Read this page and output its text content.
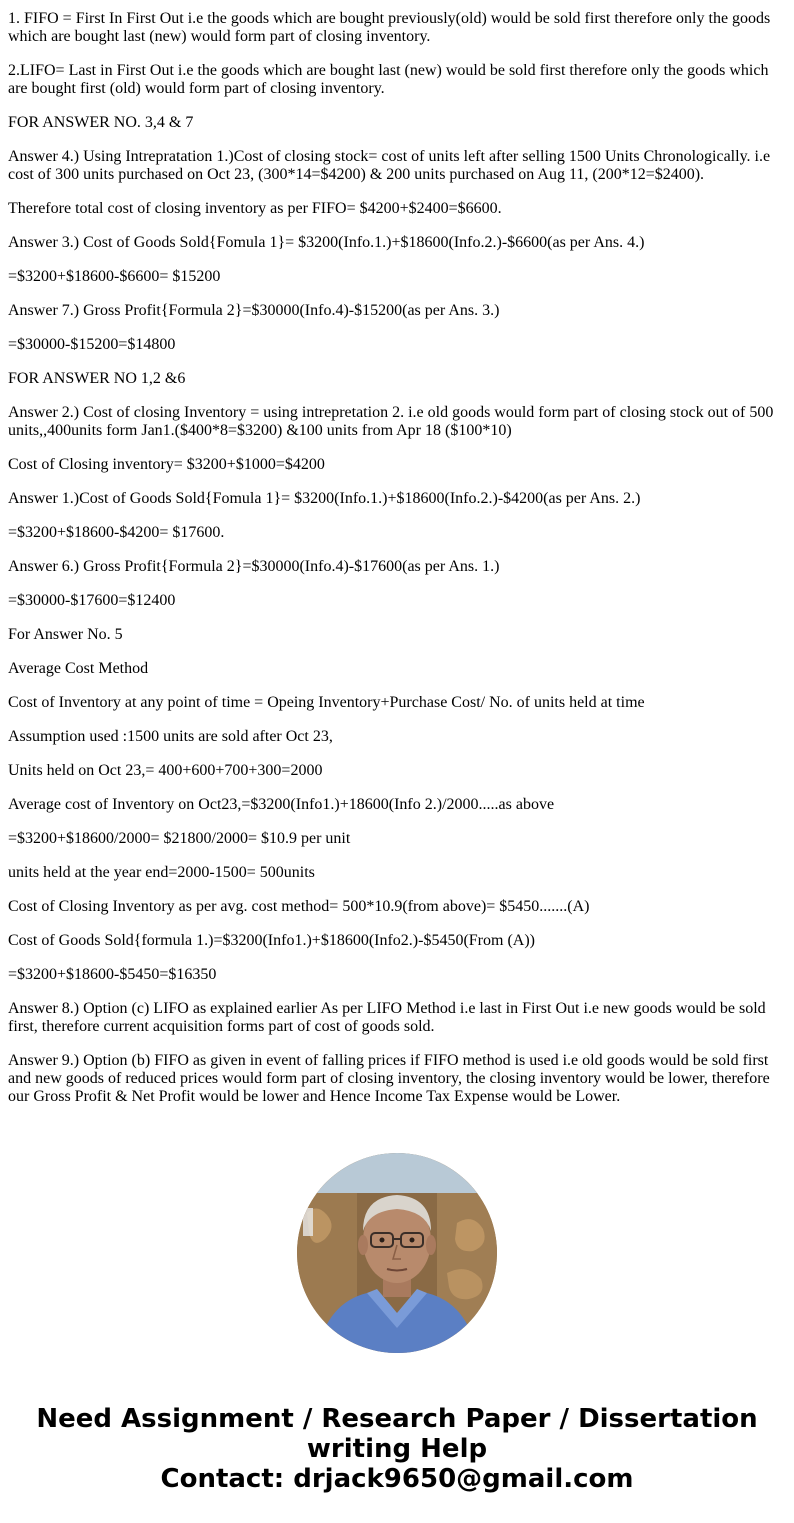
1. FIFO = First In First Out i.e the goods which are bought previously(old) would be sold first therefore only the goods which are bought last (new) would form part of closing inventory.

2.LIFO= Last in First Out i.e the goods which are bought last (new) would be sold first therefore only the goods which are bought first (old) would form part of closing inventory.

FOR ANSWER NO. 3,4 & 7

Answer 4.) Using Intrepratation 1.)Cost of closing stock= cost of units left after selling 1500 Units Chronologically. i.e cost of 300 units purchased on Oct 23, (300*14=$4200) & 200 units purchased on Aug 11, (200*12=$2400).

Therefore total cost of closing inventory as per FIFO= $4200+$2400=$6600.

Answer 3.) Cost of Goods Sold{Fomula 1}= $3200(Info.1.)+$18600(Info.2.)-$6600(as per Ans. 4.)

=$3200+$18600-$6600= $15200

Answer 7.) Gross Profit{Formula 2}=$30000(Info.4)-$15200(as per Ans. 3.)

=$30000-$15200=$14800

FOR ANSWER NO 1,2 &6

Answer 2.) Cost of closing Inventory = using intrepretation 2. i.e old goods would form part of closing stock out of 500 units,,400units form Jan1.($400*8=$3200) &100 units from Apr 18 ($100*10)

Cost of Closing inventory= $3200+$1000=$4200

Answer 1.)Cost of Goods Sold{Fomula 1}= $3200(Info.1.)+$18600(Info.2.)-$4200(as per Ans. 2.)

=$3200+$18600-$4200= $17600.

Answer 6.) Gross Profit{Formula 2}=$30000(Info.4)-$17600(as per Ans. 1.)

=$30000-$17600=$12400

For Answer No. 5

Average Cost Method

Cost of Inventory at any point of time = Opeing Inventory+Purchase Cost/ No. of units held at time

Assumption used :1500 units are sold after Oct 23,

Units held on Oct 23,= 400+600+700+300=2000

Average cost of Inventory on Oct23,=$3200(Info1.)+18600(Info 2.)/2000.....as above

=$3200+$18600/2000= $21800/2000= $10.9 per unit

units held at the year end=2000-1500= 500units

Cost of Closing Inventory as per avg. cost method= 500*10.9(from above)= $5450.......(A)

Cost of Goods Sold{formula 1.)=$3200(Info1.)+$18600(Info2.)-$5450(From (A))

=$3200+$18600-$5450=$16350

Answer 8.) Option (c) LIFO as explained earlier As per LIFO Method i.e last in First Out i.e new goods would be sold first, therefore current acquisition forms part of cost of goods sold.

Answer 9.) Option (b) FIFO as given in event of falling prices if FIFO method is used i.e old goods would be sold first and new goods of reduced prices would form part of closing inventory, the closing inventory would be lower, therefore our Gross Profit & Net Profit would be lower and Hence Income Tax Expense would be Lower.

Need Assignment / Research Paper / Dissertation
writing Help
Contact: drjack9650@gmail.com
